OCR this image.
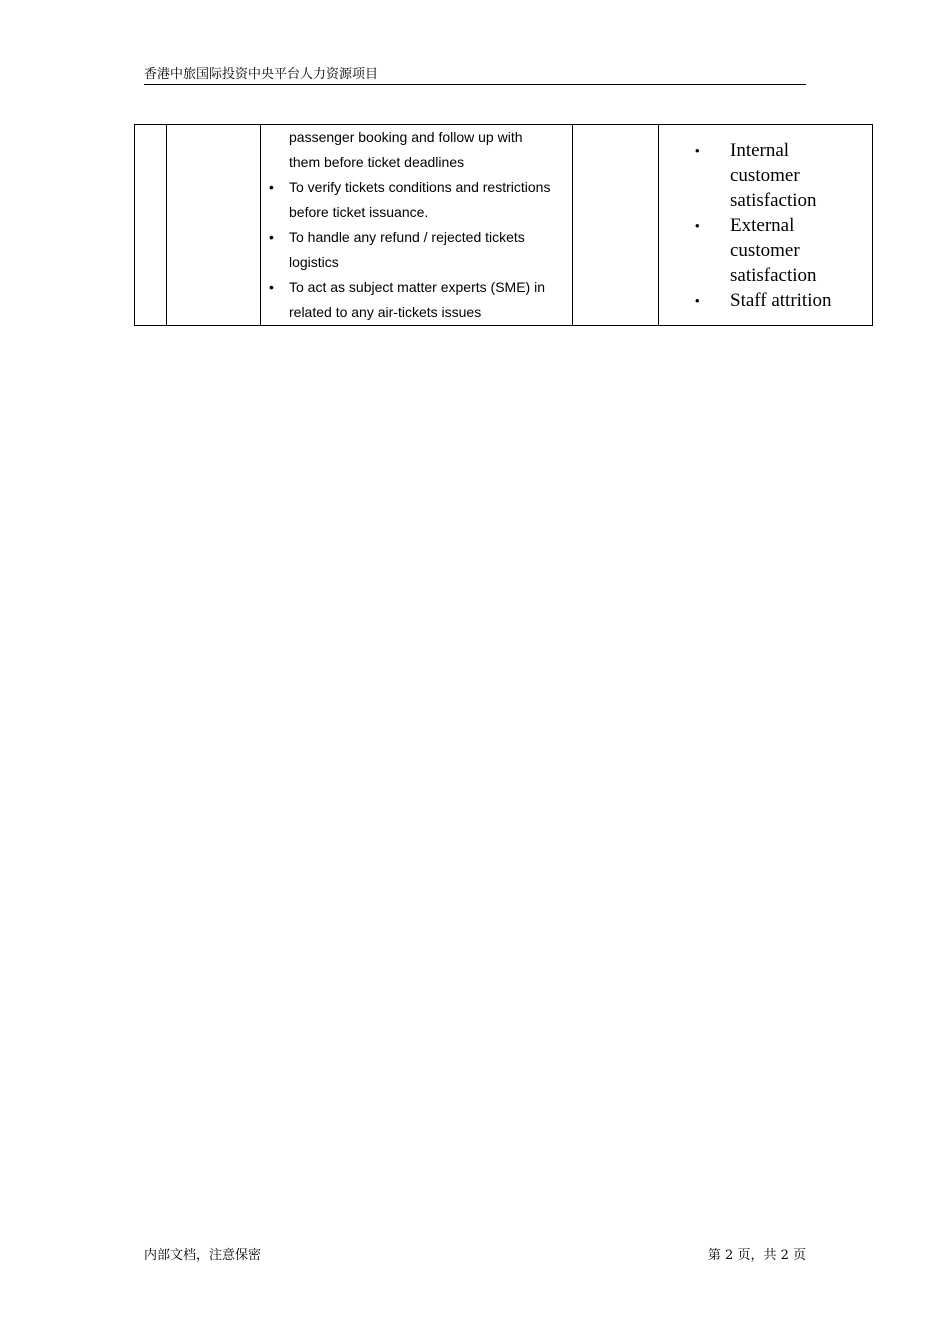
香港中旅国际投资中央平台人力资源项目

passenger booking and follow up with
them before ticket deadlines
• To verify tickets conditions and restrictions
before ticket issuance.
• To handle any refund / rejected tickets
logistics
• To act as subject matter experts (SME) in
related to any air-tickets issues

• Internal
customer
satisfaction
• External
customer
satisfaction
• Staff attrition
内部文档，注意保密	第 2 页，共 2 页
